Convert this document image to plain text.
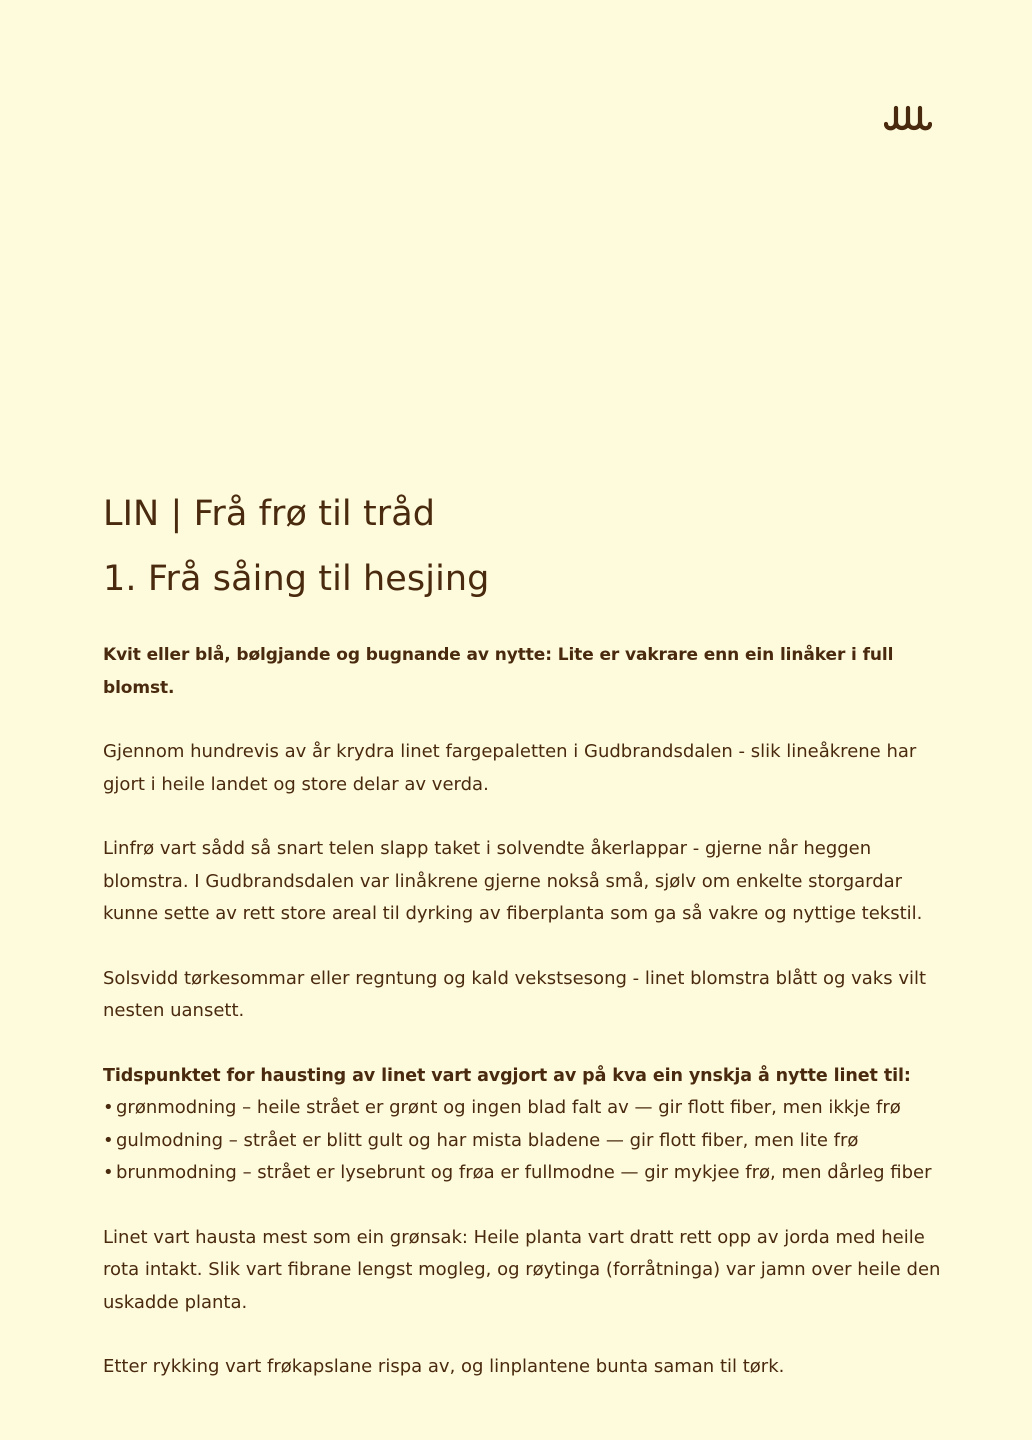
LIN | Frå frø til tråd
1. Frå såing til hesjing

Kvit eller blå, bølgjande og bugnande av nytte: Lite er vakrare enn ein linåker i full blomst.

Gjennom hundrevis av år krydra linet fargepaletten i Gudbrandsdalen - slik lineåkrene har gjort i heile landet og store delar av verda.

Linfrø vart sådd så snart telen slapp taket i solvendte åkerlappar - gjerne når heggen blomstra. I Gudbrandsdalen var linåkrene gjerne nokså små, sjølv om enkelte storgardar kunne sette av rett store areal til dyrking av fiberplanta som ga så vakre og nyttige tekstil.

Solsvidd tørkesommar eller regntung og kald vekstsesong - linet blomstra blått og vaks vilt nesten uansett.

Tidspunktet for hausting av linet vart avgjort av på kva ein ynskja å nytte linet til:

• grønmodning – heile strået er grønt og ingen blad falt av — gir flott fiber, men ikkje frø
• gulmodning – strået er blitt gult og har mista bladene — gir flott fiber, men lite frø
• brunmodning – strået er lysebrunt og frøa er fullmodne — gir mykjee frø, men dårleg fiber

Linet vart hausta mest som ein grønsak: Heile planta vart dratt rett opp av jorda med heile rota intakt. Slik vart fibrane lengst mogleg, og røytinga (forråtninga) var jamn over heile den uskadde planta.

Etter rykking vart frøkapslane rispa av, og linplantene bunta saman til tørk.
